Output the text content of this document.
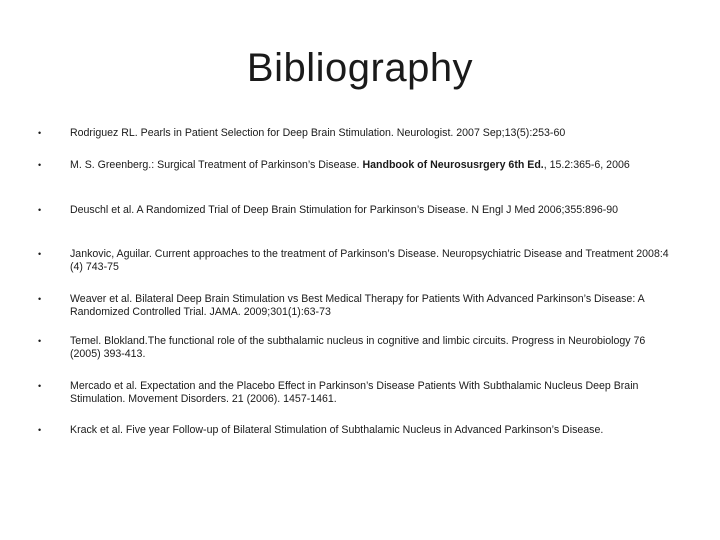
Bibliography
•	Rodriguez RL. Pearls in Patient Selection for Deep Brain Stimulation. Neurologist. 2007 Sep;13(5):253-60
•	M. S. Greenberg.: Surgical Treatment of Parkinson’s Disease. Handbook of Neurosusrgery 6th Ed., 15.2:365-6, 2006
•	Deuschl et al. A Randomized Trial of Deep Brain Stimulation for Parkinson’s Disease. N Engl J Med 2006;355:896-90
•	Jankovic, Aguilar. Current approaches to the treatment of Parkinson’s Disease. Neuropsychiatric Disease and Treatment 2008:4 (4) 743-75
•	Weaver et al. Bilateral Deep Brain Stimulation vs Best Medical Therapy for Patients With Advanced Parkinson’s Disease: A Randomized Controlled Trial. JAMA. 2009;301(1):63-73
•	Temel. Blokland.The functional role of the subthalamic nucleus in cognitive and limbic circuits. Progress in Neurobiology 76 (2005) 393-413.
•	Mercado et al. Expectation and the Placebo Effect in Parkinson’s Disease Patients With Subthalamic Nucleus Deep Brain Stimulation. Movement Disorders. 21 (2006). 1457-1461.
•	Krack et al. Five year Follow-up of Bilateral Stimulation of Subthalamic Nucleus in Advanced Parkinson’s Disease.
